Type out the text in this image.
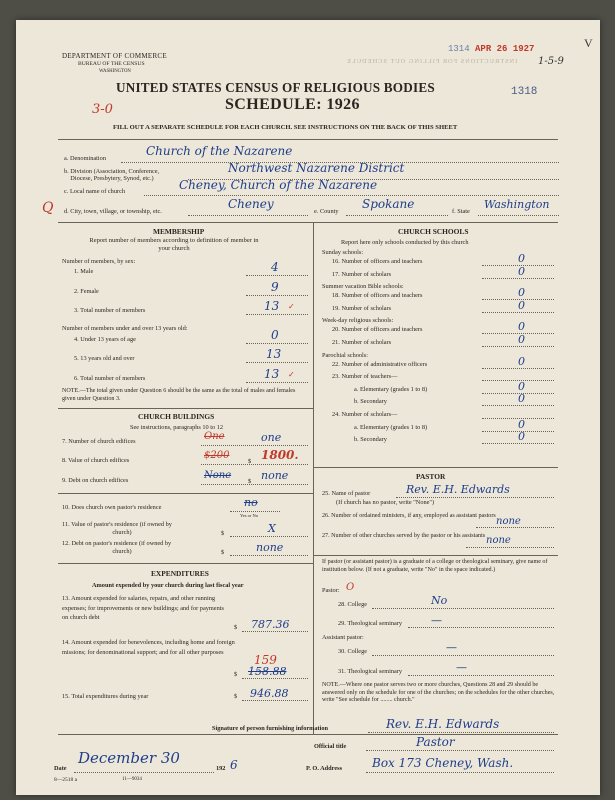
INSTRUCTIONS FOR FILLING OUT SCHEDULE
DEPARTMENT OF COMMERCE
BUREAU OF THE CENSUS
WASHINGTON
1314 APR 26 1927
1-5-9
V
UNITED STATES CENSUS OF RELIGIOUS BODIES
SCHEDULE: 1926
3-0
1318
FILL OUT A SEPARATE SCHEDULE FOR EACH CHURCH. SEE INSTRUCTIONS ON THE BACK OF THIS SHEET
a. Denomination
Church of the Nazarene
b. Division (Association, Conference,
Diocese, Presbytery, Synod, etc.)
Northwest Nazarene District
c. Local name of church	Cheney, Church of the Nazarene
Q d. City, town, village, or township, etc.
Cheney
e. County
Spokane
f. State
Washington
MEMBERSHIP
Report number of members according to definition of member in your church
Number of members, by sex:
1. Male	4
2. Female	9
3. Total number of members	13 ✓
Number of members under and over 13 years old:
4. Under 13 years of age	0
5. 13 years old and over	13
6. Total number of members	13 ✓
NOTE.—The total given under Question 6 should be the same as the total of males and females given under Question 3.
CHURCH BUILDINGS
See instructions, paragraphs 10 to 12
7. Number of church edifices	One	one
8. Value of church edifices	$200
$ 1800.
9. Debt on church edifices	None
$ none
10. Does church own pastor's residence	no
Yes or No
11. Value of pastor's residence (if owned by
church)	$	X
12. Debt on pastor's residence (if owned by
church)	$	none
EXPENDITURES
Amount expended by your church during last fiscal year
13. Amount expended for salaries, repairs, and other running expenses; for improvements or new buildings; and for payments on church debt
$ 787.36
14. Amount expended for benevolences, including home and foreign missions; for denominational support; and for all other purposes
159
$ 158.88
15. Total expenditures during year	$ 946.88
CHURCH SCHOOLS
Report here only schools conducted by this church
PASTOR
25. Name of pastor
(If church has no pastor, write "None")
Rev. E.H. Edwards
26. Number of ordained ministers, if any, employed as assistant pastors none
27. Number of other churches served by the pastor or his assistants none
If pastor (or assistant pastor) is a graduate of a college or theological seminary, give name of institution below. (If not a graduate, write "No" in the space indicated.)
Pastor: O
28. College	No
29. Theological seminary	—
Assistant pastor:
30. College	—
31. Theological seminary	—
NOTE.—Where one pastor serves two or more churches, Questions 28 and 29 should be answered only on the schedule for one of the churches; on the schedules for the other churches, write "See schedule for ........ church."
Signature of person furnishing information	Rev. E.H. Edwards
Official title	Pastor
Date
December 30
192 6	P. O. Address Box 173 Cheney, Wash.
8—2518 a	11—9034
Sunday schools:
16. Number of officers and teachers	0
17. Number of scholars	0
Summer vacation Bible schools:
18. Number of officers and teachers	0
19. Number of scholars	0
Week-day religious schools:
20. Number of officers and teachers	0
21. Number of scholars	0
Parochial schools:
22. Number of administrative officers	0
23. Number of teachers—
a. Elementary (grades 1 to 8)	0
b. Secondary	0
24. Number of scholars—
a. Elementary (grades 1 to 8)	0
b. Secondary	0
